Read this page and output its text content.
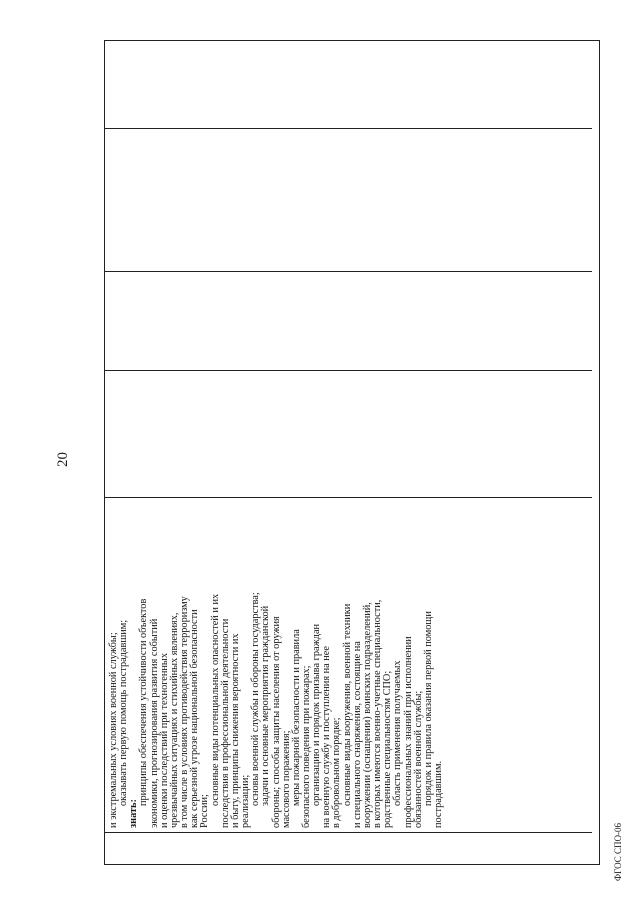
20
и экстремальных условиях военной службы; оказывать первую помощь пострадавшим;
знать:
принципы обеспечения устойчивости объектов экономики, прогнозирования развития событий и оценки последствий при техногенных чрезвычайных ситуациях и стихийных явлениях, в том числе в условиях противодействия терроризму как серьезной угрозе национальной безопасности России;
основные виды потенциальных опасностей и их последствия в профессиональной деятельности и быту, принципы снижения вероятности их реализации; основы военной службы и обороны государства; задачи и основные мероприятия гражданской обороны; способы защиты населения от оружия массового поражения; меры пожарной безопасности и правила безопасного поведения при пожарах; организацию и порядок призыва граждан на военную службу и поступления на нее в добровольном порядке; основные виды вооружения, военной техники и специального снаряжения, состоящие на вооружении (оснащении) воинских подразделений, в которых имеются военно-учетные специальности, родственные специальностям СПО; область применения получаемых профессиональных знаний при исполнении обязанностей военной службы; порядок и правила оказания первой помощи пострадавшим.
ФГОС СПО-06
